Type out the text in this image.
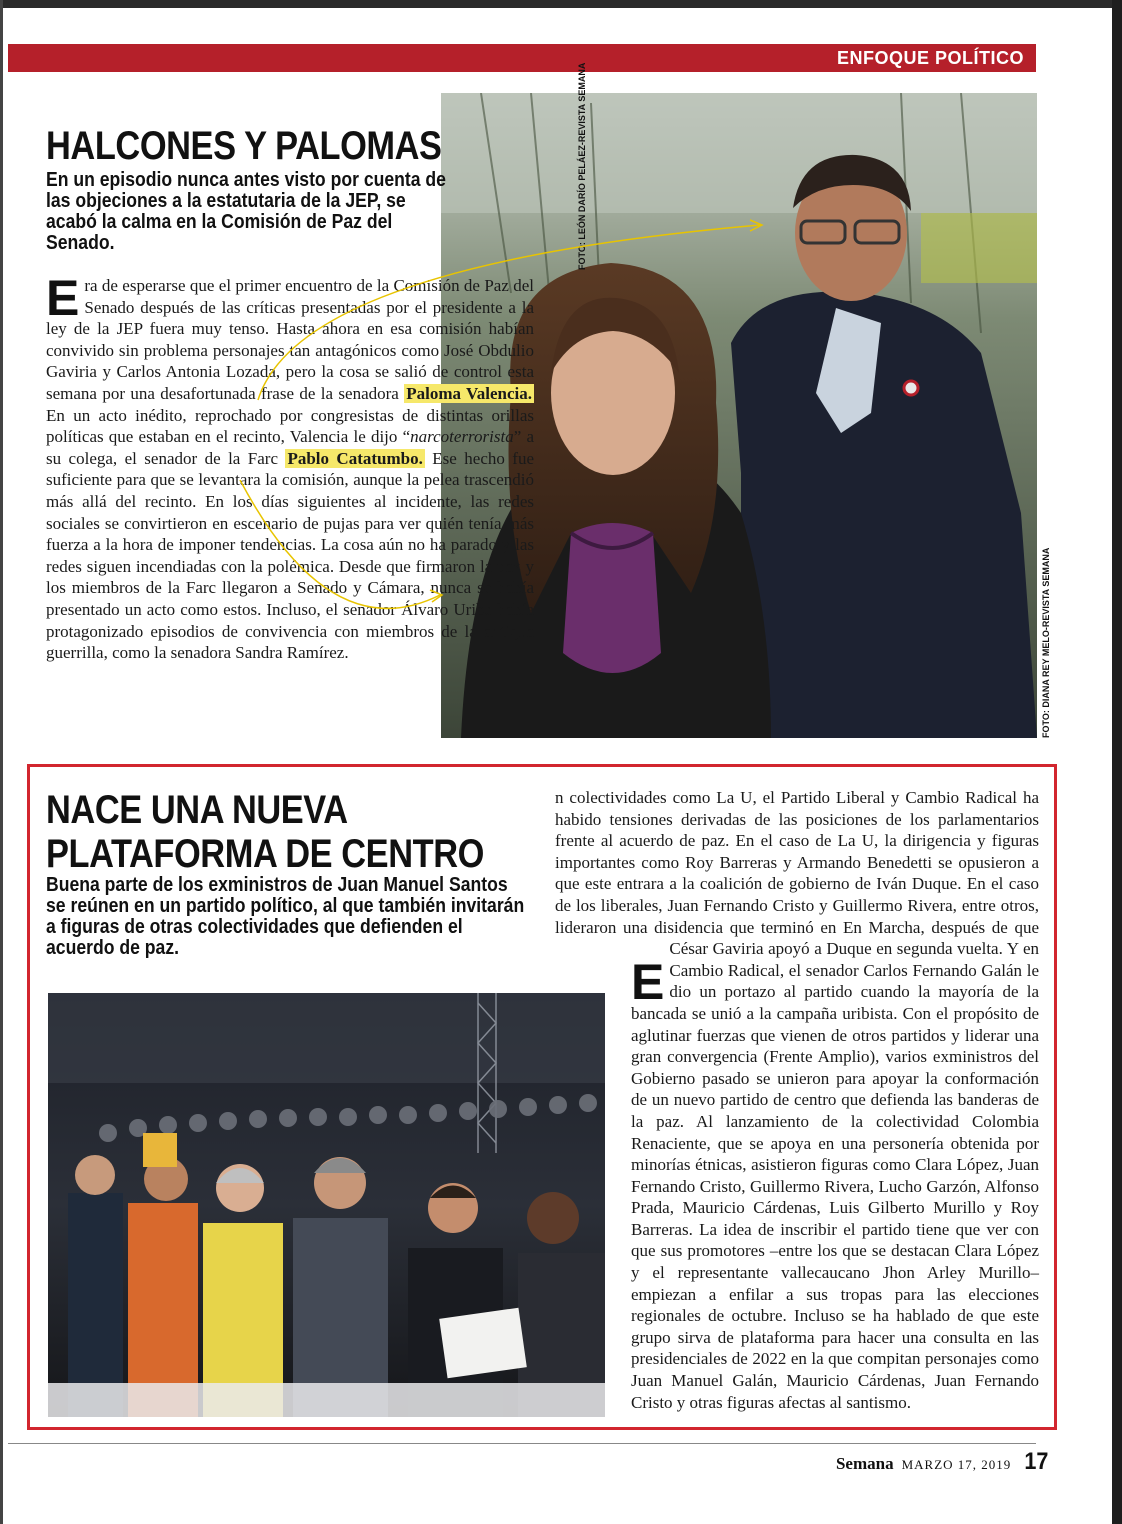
ENFOQUE POLÍTICO
FOTO: LEÓN DARÍO PELÁEZ-REVISTA SEMANA
FOTO: DIANA REY MELO-REVISTA SEMANA
HALCONES Y PALOMAS
En un episodio nunca antes visto por cuenta de las objeciones a la estatutaria de la JEP, se acabó la calma en la Comisión de Paz del Senado.
Era de esperarse que el primer encuentro de la Comisión de Paz del Senado después de las críticas presentadas por el presidente a la ley de la JEP fuera muy tenso. Hasta ahora en esa comisión habían convivido sin problema personajes tan antagónicos como José Obdulio Gaviria y Carlos Antonia Lozada, pero la cosa se salió de control esta semana por una desafortunada frase de la senadora Paloma Valencia. En un acto inédito, reprochado por congresistas de distintas orillas políticas que estaban en el recinto, Valencia le dijo “narcoterrorista” a su colega, el senador de la Farc Pablo Catatumbo. Ese hecho fue suficiente para que se levantara la comisión, aunque la pelea trascendió más allá del recinto. En los días siguientes al incidente, las redes sociales se convirtieron en escenario de pujas para ver quién tenía más fuerza a la hora de imponer tendencias. La cosa aún no ha parado y las redes siguen incendiadas con la polémica. Desde que firmaron la paz y los miembros de la Farc llegaron a Senado y Cámara, nunca se había presentado un acto como estos. Incluso, el senador Álvaro Uribe había protagonizado episodios de convivencia con miembros de la antigua guerrilla, como la senadora Sandra Ramírez.
NACE UNA NUEVA
PLATAFORMA DE CENTRO
Buena parte de los exministros de Juan Manuel Santos se reúnen en un partido político, al que también invitarán a figuras de otras colectividades que defienden el acuerdo de paz.
E
n colectividades como La U, el Partido Liberal y Cambio Radical ha habido tensiones derivadas de las posiciones de los parlamentarios frente al acuerdo de paz. En el caso de La U, la dirigencia y figuras importantes como Roy Barreras y Armando Benedetti se opusieron a que este entrara a la coalición de gobierno de Iván Duque. En el caso de los liberales, Juan Fernando Cristo y Guillermo Rivera, entre otros, lideraron una disidencia que terminó en En Marcha, después de que César Gaviria apoyó a Duque en segunda vuelta. Y en Cambio Radical, el senador Carlos Fernando Galán le dio un portazo al partido cuando la mayoría de la bancada se unió a la campaña uribista. Con el propósito de aglutinar fuerzas que vienen de otros partidos y liderar una gran convergencia (Frente Amplio), varios exministros del Gobierno pasado se unieron para apoyar la conformación de un nuevo partido de centro que defienda las banderas de la paz. Al lanzamiento de la colectividad Colombia Renaciente, que se apoya en una personería obtenida por minorías étnicas, asistieron figuras como Clara López, Juan Fernando Cristo, Guillermo Rivera, Lucho Garzón, Alfonso Prada, Mauricio Cárdenas, Luis Gilberto Murillo y Roy Barreras. La idea de inscribir el partido tiene que ver con que sus promotores –entre los que se destacan Clara López y el representante vallecaucano Jhon Arley Murillo– empiezan a enfilar a sus tropas para las elecciones regionales de octubre. Incluso se ha hablado de que este grupo sirva de plataforma para hacer una consulta en las presidenciales de 2022 en la que compitan personajes como Juan Manuel Galán, Mauricio Cárdenas, Juan Fernando Cristo y otras figuras afectas al santismo.
Semana MARZO 17, 2019 17
